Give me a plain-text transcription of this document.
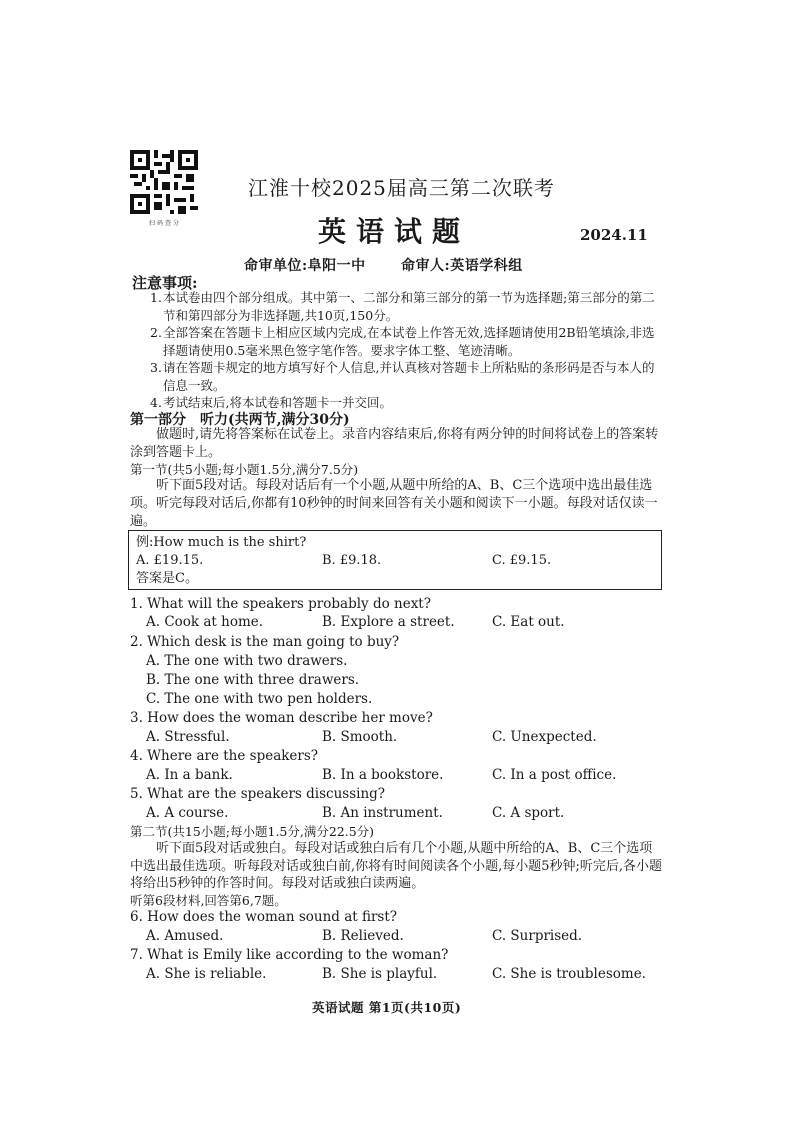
扫码查分
江淮十校2025届高三第二次联考
英语试题	2024.11
命审单位:阜阳一中	命审人:英语学科组
注意事项:
1. 本试卷由四个部分组成。其中第一、二部分和第三部分的第一节为选择题;第三部分的第二节和第四部分为非选择题,共10页,150分。
2. 全部答案在答题卡上相应区域内完成,在本试卷上作答无效,选择题请使用2B铅笔填涂,非选择题请使用0.5毫米黑色签字笔作答。要求字体工整、笔迹清晰。
3. 请在答题卡规定的地方填写好个人信息,并认真核对答题卡上所粘贴的条形码是否与本人的信息一致。
4. 考试结束后,将本试卷和答题卡一并交回。
第一部分 听力(共两节,满分30分)
做题时,请先将答案标在试卷上。录音内容结束后,你将有两分钟的时间将试卷上的答案转涂到答题卡上。
第一节(共5小题;每小题1.5分,满分7.5分)
听下面5段对话。每段对话后有一个小题,从题中所给的A、B、C三个选项中选出最佳选项。听完每段对话后,你都有10秒钟的时间来回答有关小题和阅读下一小题。每段对话仅读一遍。
例:How much is the shirt?
A. £19.15.	B. £9.18.	C. £9.15.
答案是C。
1. What will the speakers probably do next?
A. Cook at home.	B. Explore a street.	C. Eat out.
2. Which desk is the man going to buy?
A. The one with two drawers.
B. The one with three drawers.
C. The one with two pen holders.
3. How does the woman describe her move?
A. Stressful.	B. Smooth.	C. Unexpected.
4. Where are the speakers?
A. In a bank.	B. In a bookstore.	C. In a post office.
5. What are the speakers discussing?
A. A course.	B. An instrument.	C. A sport.
第二节(共15小题;每小题1.5分,满分22.5分)
听下面5段对话或独白。每段对话或独白后有几个小题,从题中所给的A、B、C三个选项中选出最佳选项。听每段对话或独白前,你将有时间阅读各个小题,每小题5秒钟;听完后,各小题将给出5秒钟的作答时间。每段对话或独白读两遍。
听第6段材料,回答第6,7题。
6. How does the woman sound at first?
A. Amused.	B. Relieved.	C. Surprised.
7. What is Emily like according to the woman?
A. She is reliable.	B. She is playful.	C. She is troublesome.
英语试题 第1页(共10页)
